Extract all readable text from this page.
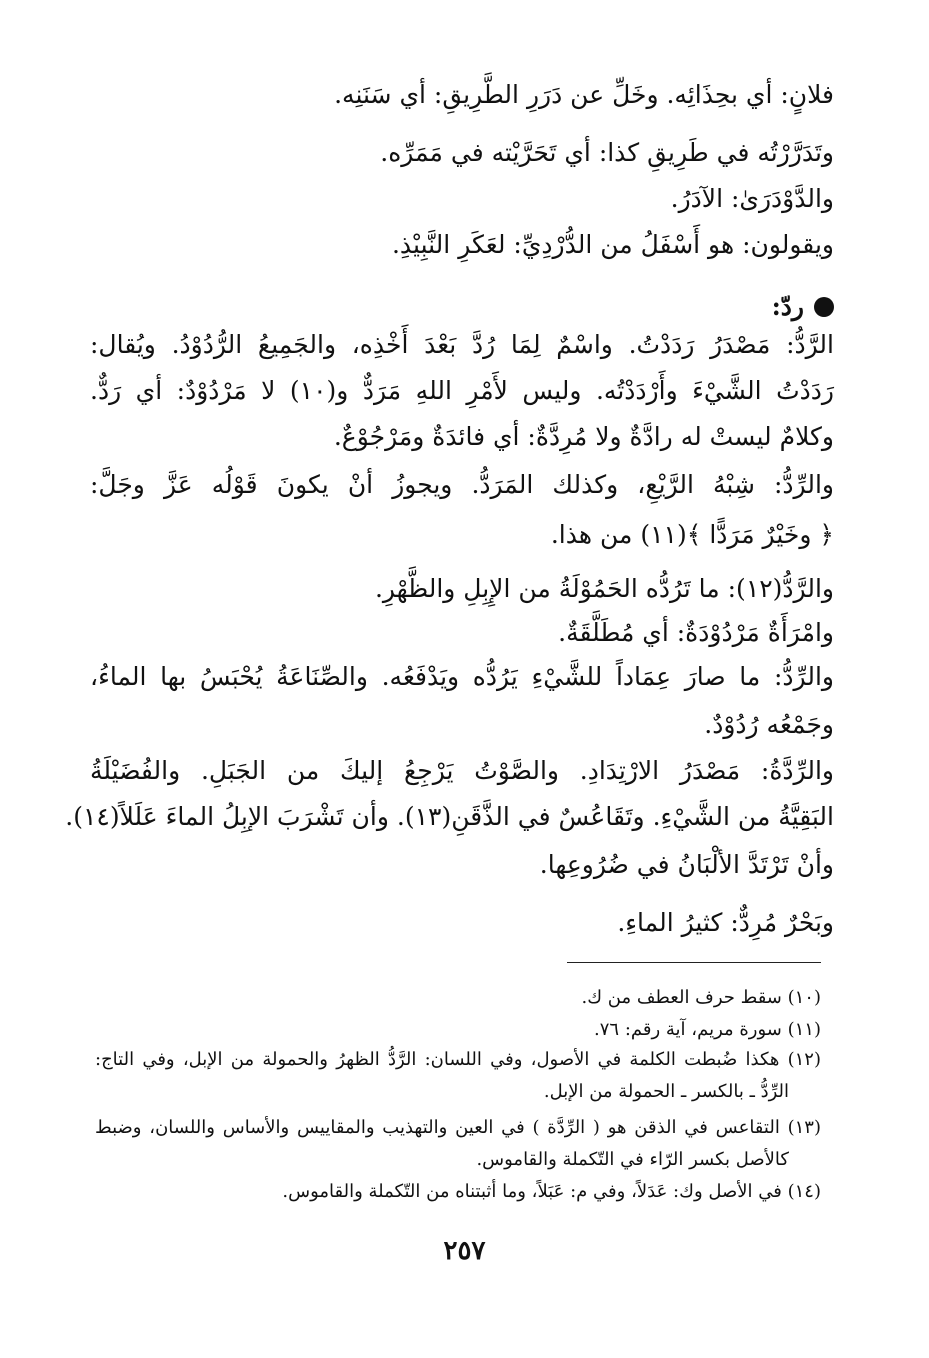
فلانٍ: أي بحِذَائِه. وخَلِّ عن دَرَرِ الطَّرِيقِ: أي سَنَنِه.
وتَدَرَّرْتُه في طَرِيقِ كذا: أي تَحَرَّيْته في مَمَرِّه.
والدَّوْدَرَىٰ: الآدَرُ.
ويقولون: هو أَسْفَلُ من الدُّرْدِيِّ: لعَكَرِ النَّبِيْذِ.
ردّ:
الرَّدُّ: مَصْدَرُ رَدَدْتُ. واسْمٌ لِمَا رُدَّ بَعْدَ أَخْذِه، والجَمِيعُ الرُّدُوْدُ. ويُقال:
رَدَدْتُ الشَّيْءَ وأَرْدَدْتُه. وليس لأَمْرِ اللهِ مَرَدٌّ و(١٠) لا مَرْدُوْدٌ: أي رَدٌّ.
وكلامٌ ليستْ له رادَّةٌ ولا مُرِدَّةٌ: أي فائدَةٌ ومَرْجُوْعٌ.
والرِّدُّ: شِبْهُ الرَّيْعِ، وكذلك المَرَدُّ. ويجوزُ أنْ يكونَ قَوْلُه عَزَّ وجَلَّ:
﴿ وخَيْرٌ مَرَدًّا ﴾(١١) من هذا.
والرَّدُّ(١٢): ما تَرُدُّه الحَمُوْلَةُ من الإِبِلِ والظَّهْرِ.
وامْرَأَةٌ مَرْدُوْدَةٌ: أي مُطَلَّقَةٌ.
والرِّدُّ: ما صارَ عِمَاداً للشَّيْءِ يَرُدُّه ويَدْفَعُه. والصِّنَاعَةُ يُحْبَسُ بها الماءُ،
وجَمْعُه رُدُوْدٌ.
والرِّدَّةُ: مَصْدَرُ الارْتِدَادِ. والصَّوْتُ يَرْجِعُ إليكَ من الجَبَلِ. والفُضَيْلَةُ
البَقِيَّةُ من الشَّيْءِ. وتَقَاعُسٌ في الذَّقَنِ(١٣). وأن تَشْرَبَ الإبِلُ الماءَ عَلَلاً(١٤).
وأنْ تَرْتَدَّ الألْبَانُ في ضُرُوعِها.
وبَحْرٌ مُرِدٌّ: كثيرُ الماءِ.
(١٠) سقط حرف العطف من ك.
(١١) سورة مريم، آية رقم: ٧٦.
(١٢) هكذا ضُبطت الكلمة في الأصول، وفي اللسان: الرَّدُّ الظهرُ والحمولة من الإبل، وفي التاج:
الرِّدُّ ـ بالكسر ـ الحمولة من الإبل.
(١٣) التقاعس في الذقن هو ( الرِّدَّة ) في العين والتهذيب والمقاييس والأساس واللسان، وضبط
كالأصل بكسر الرّاء في التّكملة والقاموس.
(١٤) في الأصل وك: عَدَلاً، وفي م: عَبَلاً، وما أثبتناه من التّكملة والقاموس.
٢٥٧
